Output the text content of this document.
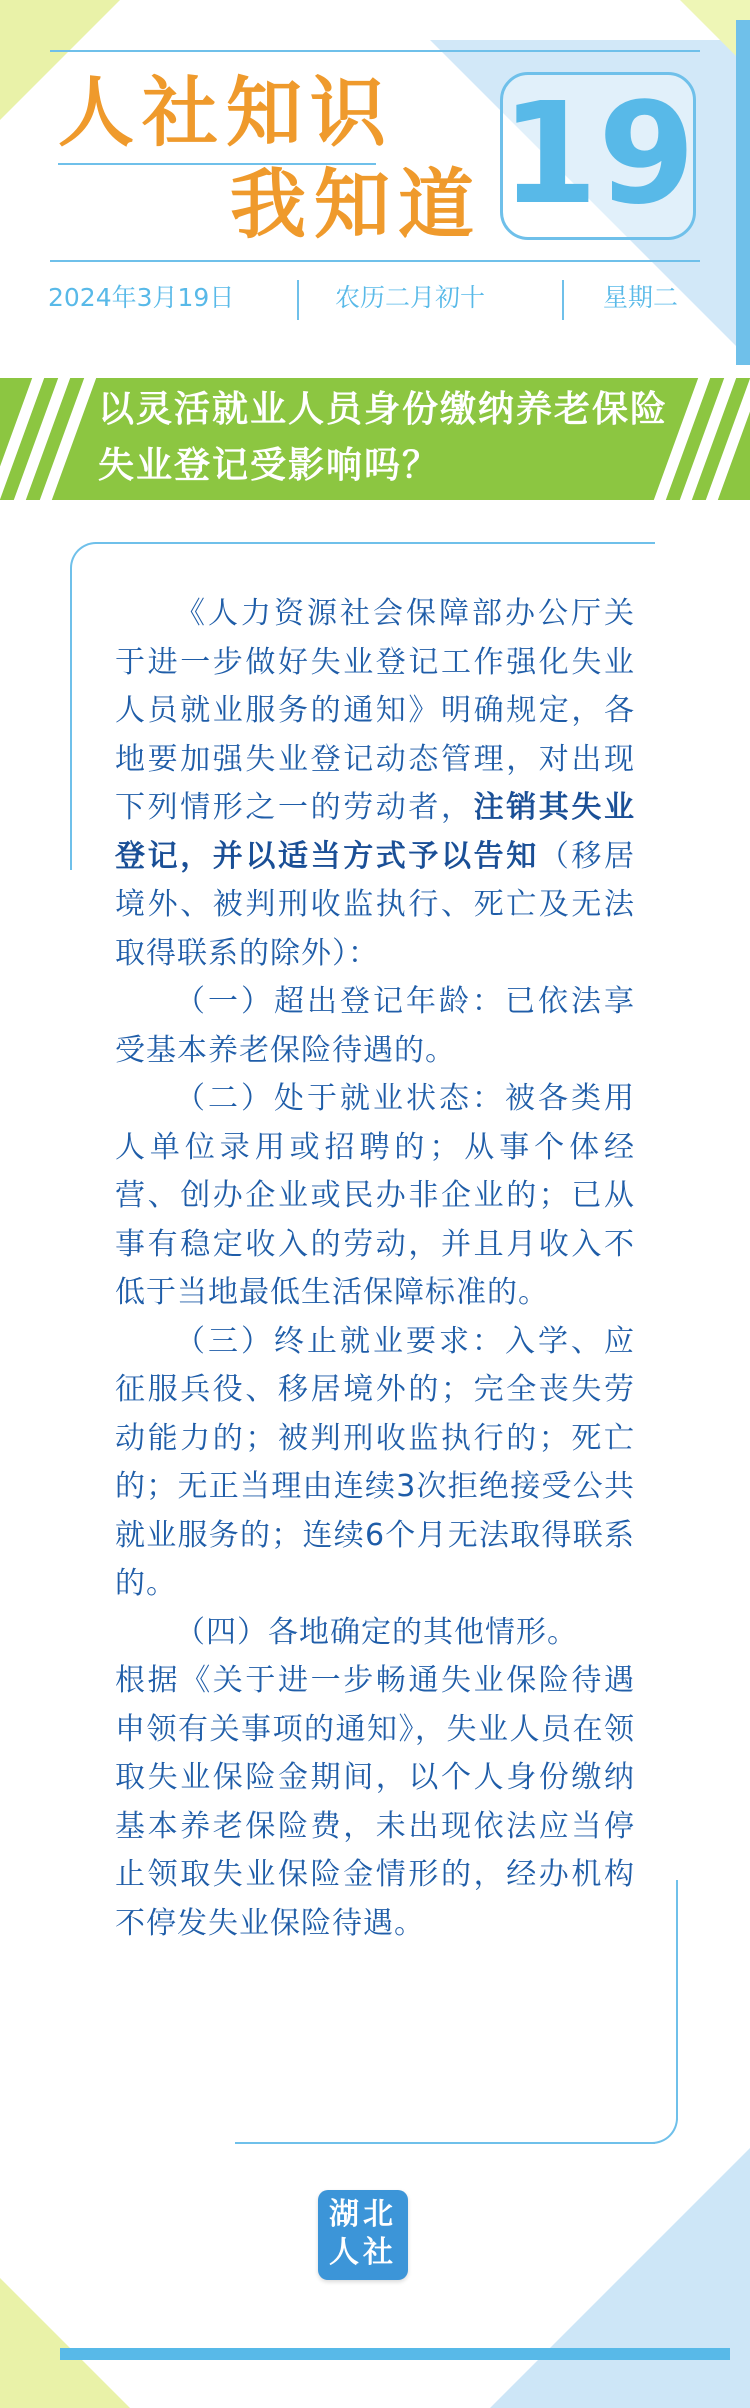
人社知识
我知道 19
2024年3月19日	农历二月初十	星期二
以灵活就业人员身份缴纳养老保险失业登记受影响吗？

《人力资源社会保障部办公厅关于进一步做好失业登记工作强化失业人员就业服务的通知》明确规定，各地要加强失业登记动态管理，对出现下列情形之一的劳动者，注销其失业登记，并以适当方式予以告知（移居境外、被判刑收监执行、死亡及无法取得联系的除外）：

（一）超出登记年龄：已依法享受基本养老保险待遇的。

（二）处于就业状态：被各类用人单位录用或招聘的；从事个体经营、创办企业或民办非企业的；已从事有稳定收入的劳动，并且月收入不低于当地最低生活保障标准的。

（三）终止就业要求：入学、应征服兵役、移居境外的；完全丧失劳动能力的；被判刑收监执行的；死亡的；无正当理由连续3次拒绝接受公共就业服务的；连续6个月无法取得联系的。

（四）各地确定的其他情形。

根据《关于进一步畅通失业保险待遇申领有关事项的通知》，失业人员在领取失业保险金期间，以个人身份缴纳基本养老保险费，未出现依法应当停止领取失业保险金情形的，经办机构不停发失业保险待遇。

湖北
人社
